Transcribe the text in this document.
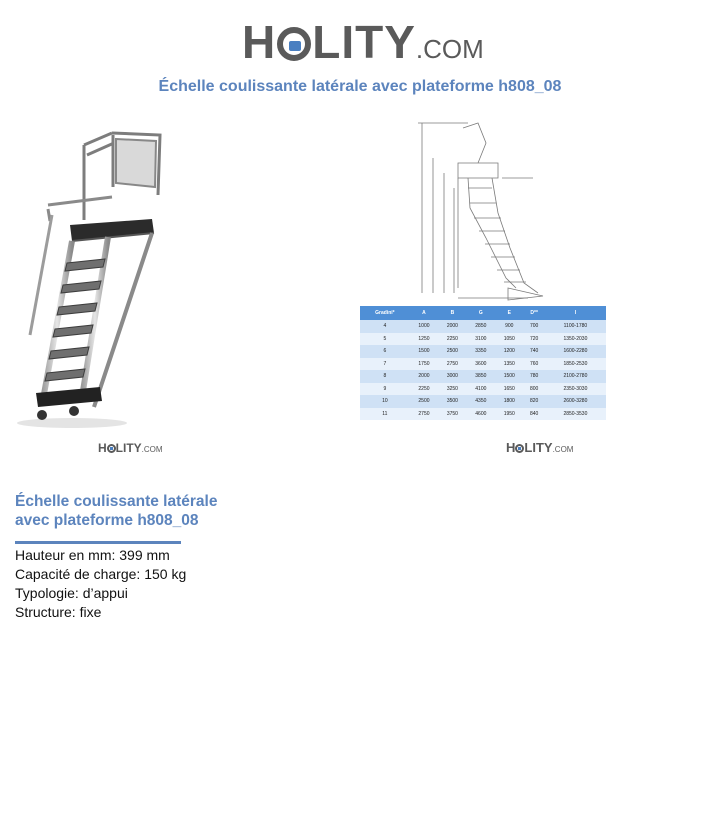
H LITY.COM
Échelle coulissante latérale avec plateforme h808_08
Gradini*	A	B	G	E	D**	I
4	1000	2000	2850	900	700	1100-1780
5	1250	2250	3100	1050	720	1350-2030
6	1500	2500	3350	1200	740	1600-2280
7	1750	2750	3600	1350	760	1850-2530
8	2000	3000	3850	1500	780	2100-2780
9	2250	3250	4100	1650	800	2350-3030
10	2500	3500	4350	1800	820	2600-3280
11	2750	3750	4600	1950	840	2850-3530
H LITY.COM	H LITY.COM
Échelle coulissante latérale
avec plateforme h808_08
Hauteur en mm: 399 mm
Capacité de charge: 150 kg
Typologie: d’appui
Structure: fixe
